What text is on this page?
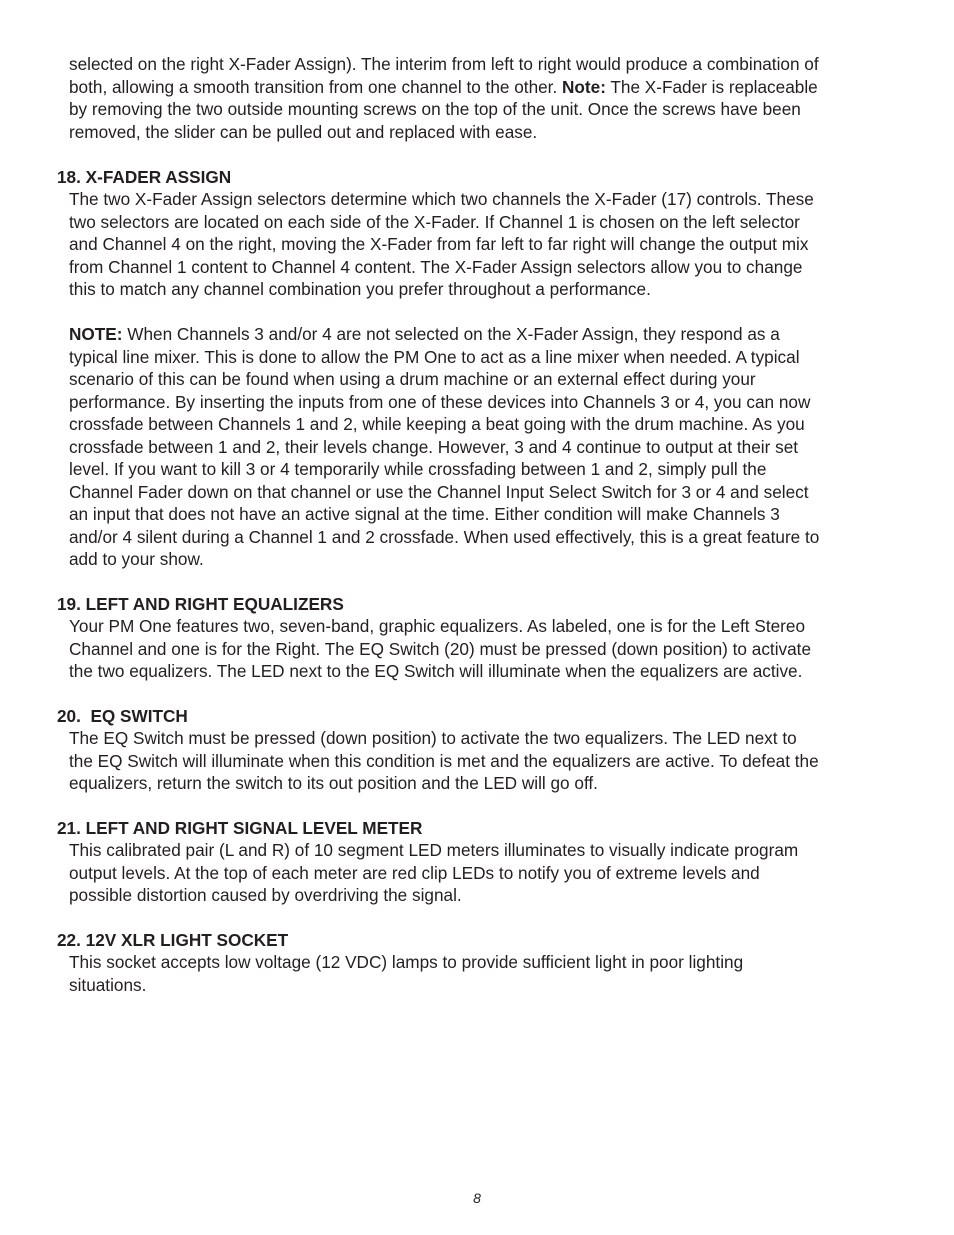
selected on the right X-Fader Assign). The interim from left to right would produce a combination of
both, allowing a smooth transition from one channel to the other. Note: The X-Fader is replaceable
by removing the two outside mounting screws on the top of the unit. Once the screws have been
removed, the slider can be pulled out and replaced with ease.

18. X-FADER ASSIGN

The two X-Fader Assign selectors determine which two channels the X-Fader (17) controls. These
two selectors are located on each side of the X-Fader. If Channel 1 is chosen on the left selector
and Channel 4 on the right, moving the X-Fader from far left to far right will change the output mix
from Channel 1 content to Channel 4 content. The X-Fader Assign selectors allow you to change
this to match any channel combination you prefer throughout a performance.

NOTE: When Channels 3 and/or 4 are not selected on the X-Fader Assign, they respond as a
typical line mixer. This is done to allow the PM One to act as a line mixer when needed. A typical
scenario of this can be found when using a drum machine or an external effect during your
performance. By inserting the inputs from one of these devices into Channels 3 or 4, you can now
crossfade between Channels 1 and 2, while keeping a beat going with the drum machine. As you
crossfade between 1 and 2, their levels change. However, 3 and 4 continue to output at their set
level. If you want to kill 3 or 4 temporarily while crossfading between 1 and 2, simply pull the
Channel Fader down on that channel or use the Channel Input Select Switch for 3 or 4 and select
an input that does not have an active signal at the time. Either condition will make Channels 3
and/or 4 silent during a Channel 1 and 2 crossfade. When used effectively, this is a great feature to
add to your show.

19. LEFT AND RIGHT EQUALIZERS

Your PM One features two, seven-band, graphic equalizers. As labeled, one is for the Left Stereo
Channel and one is for the Right. The EQ Switch (20) must be pressed (down position) to activate
the two equalizers. The LED next to the EQ Switch will illuminate when the equalizers are active.

20.  EQ SWITCH

The EQ Switch must be pressed (down position) to activate the two equalizers. The LED next to
the EQ Switch will illuminate when this condition is met and the equalizers are active. To defeat the
equalizers, return the switch to its out position and the LED will go off.

21. LEFT AND RIGHT SIGNAL LEVEL METER

This calibrated pair (L and R) of 10 segment LED meters illuminates to visually indicate program
output levels. At the top of each meter are red clip LEDs to notify you of extreme levels and
possible distortion caused by overdriving the signal.

22. 12V XLR LIGHT SOCKET

This socket accepts low voltage (12 VDC) lamps to provide sufficient light in poor lighting
situations.

8
